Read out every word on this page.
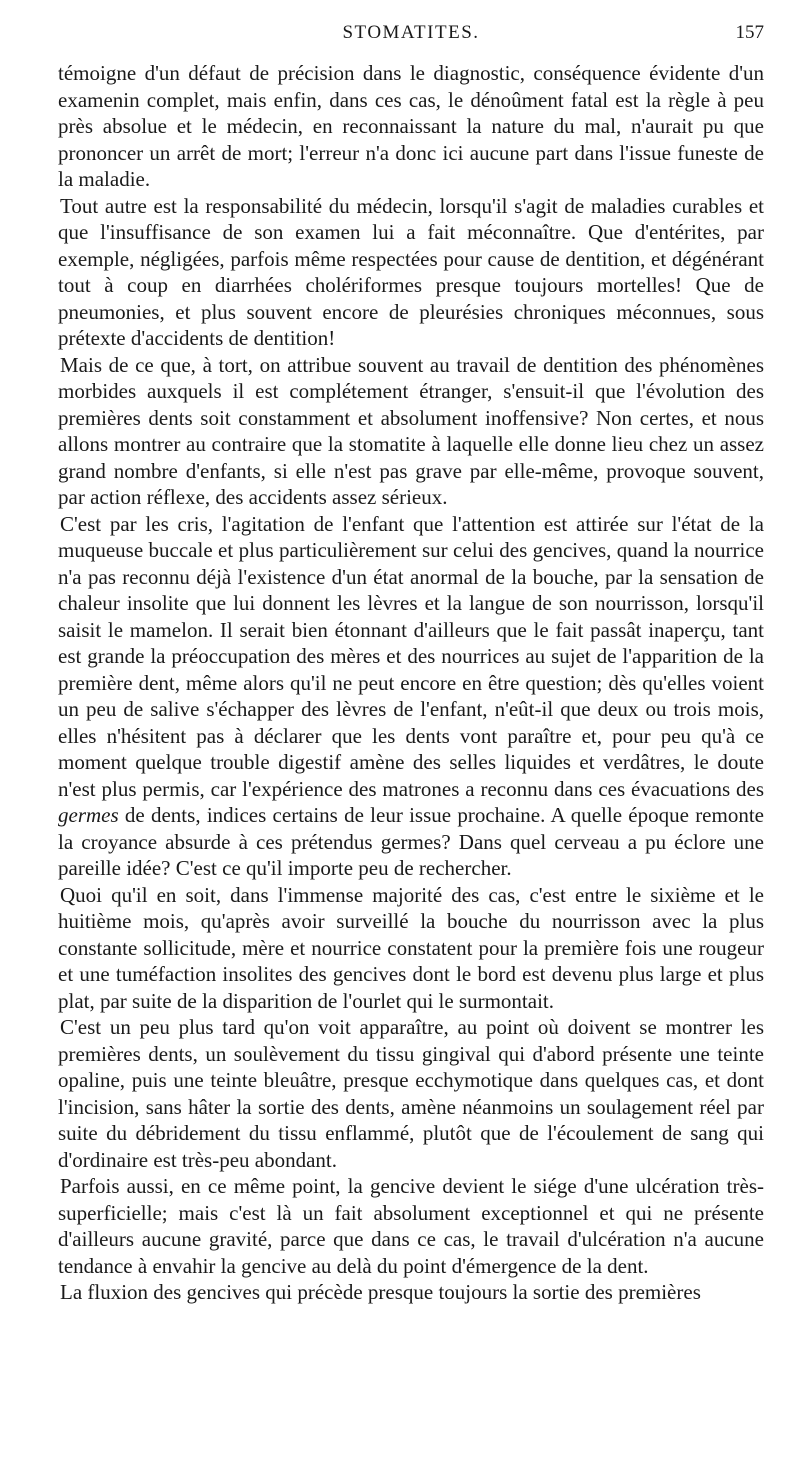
STOMATITES.	157

témoigne d'un défaut de précision dans le diagnostic, conséquence évidente d'un examenin complet, mais enfin, dans ces cas, le dénoûment fatal est la règle à peu près absolue et le médecin, en reconnaissant la nature du mal, n'aurait pu que prononcer un arrêt de mort; l'erreur n'a donc ici aucune part dans l'issue funeste de la maladie.

Tout autre est la responsabilité du médecin, lorsqu'il s'agit de maladies curables et que l'insuffisance de son examen lui a fait méconnaître. Que d'entérites, par exemple, négligées, parfois même respectées pour cause de dentition, et dégénérant tout à coup en diarrhées cholériformes presque toujours mortelles! Que de pneumonies, et plus souvent encore de pleurésies chroniques méconnues, sous prétexte d'accidents de dentition!

Mais de ce que, à tort, on attribue souvent au travail de dentition des phénomènes morbides auxquels il est complétement étranger, s'ensuit-il que l'évolution des premières dents soit constamment et absolument inoffensive? Non certes, et nous allons montrer au contraire que la stomatite à laquelle elle donne lieu chez un assez grand nombre d'enfants, si elle n'est pas grave par elle-même, provoque souvent, par action réflexe, des accidents assez sérieux.

C'est par les cris, l'agitation de l'enfant que l'attention est attirée sur l'état de la muqueuse buccale et plus particulièrement sur celui des gencives, quand la nourrice n'a pas reconnu déjà l'existence d'un état anormal de la bouche, par la sensation de chaleur insolite que lui donnent les lèvres et la langue de son nourrisson, lorsqu'il saisit le mamelon. Il serait bien étonnant d'ailleurs que le fait passât inaperçu, tant est grande la préoccupation des mères et des nourrices au sujet de l'apparition de la première dent, même alors qu'il ne peut encore en être question; dès qu'elles voient un peu de salive s'échapper des lèvres de l'enfant, n'eût-il que deux ou trois mois, elles n'hésitent pas à déclarer que les dents vont paraître et, pour peu qu'à ce moment quelque trouble digestif amène des selles liquides et verdâtres, le doute n'est plus permis, car l'expérience des matrones a reconnu dans ces évacuations des germes de dents, indices certains de leur issue prochaine. A quelle époque remonte la croyance absurde à ces prétendus germes? Dans quel cerveau a pu éclore une pareille idée? C'est ce qu'il importe peu de rechercher.

Quoi qu'il en soit, dans l'immense majorité des cas, c'est entre le sixième et le huitième mois, qu'après avoir surveillé la bouche du nourrisson avec la plus constante sollicitude, mère et nourrice constatent pour la première fois une rougeur et une tuméfaction insolites des gencives dont le bord est devenu plus large et plus plat, par suite de la disparition de l'ourlet qui le surmontait.

C'est un peu plus tard qu'on voit apparaître, au point où doivent se montrer les premières dents, un soulèvement du tissu gingival qui d'abord présente une teinte opaline, puis une teinte bleuâtre, presque ecchymotique dans quelques cas, et dont l'incision, sans hâter la sortie des dents, amène néanmoins un soulagement réel par suite du débridement du tissu enflammé, plutôt que de l'écoulement de sang qui d'ordinaire est très-peu abondant.

Parfois aussi, en ce même point, la gencive devient le siége d'une ulcération très-superficielle; mais c'est là un fait absolument exceptionnel et qui ne présente d'ailleurs aucune gravité, parce que dans ce cas, le travail d'ulcération n'a aucune tendance à envahir la gencive au delà du point d'émergence de la dent.

La fluxion des gencives qui précède presque toujours la sortie des premières
